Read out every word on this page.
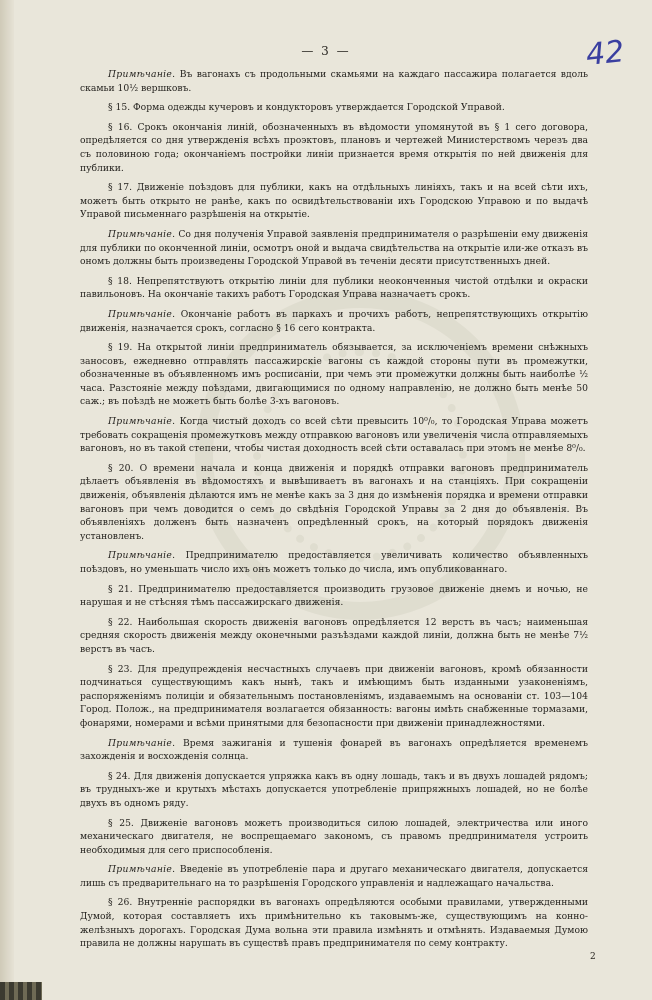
— 3 —	42
Примѣчаніе. Въ вагонахъ съ продольными скамьями на каждаго пассажира полагается вдоль скамьи 10½ вершковъ.
§ 15. Форма одежды кучеровъ и кондукторовъ утверждается Городской Управой.
§ 16. Срокъ окончанія линій, обозначенныхъ въ вѣдомости упомянутой въ § 1 сего договора, опредѣляется со дня утвержденія всѣхъ проэктовъ, плановъ и чертежей Министерствомъ черезъ два съ половиною года; окончаніемъ постройки линіи признается время открытія по ней движенія для публики.
§ 17. Движеніе поѣздовъ для публики, какъ на отдѣльныхъ линіяхъ, такъ и на всей сѣти ихъ, можетъ быть открыто не ранѣе, какъ по освидѣтельствованіи ихъ Городскою Управою и по выдачѣ Управой письменнаго разрѣшенія на открытіе.
Примѣчаніе. Со дня полученія Управой заявленія предпринимателя о разрѣшеніи ему движенія для публики по оконченной линіи, осмотръ оной и выдача свидѣтельства на открытіе или-же отказъ въ ономъ должны быть произведены Городской Управой въ теченіи десяти присутственныхъ дней.
§ 18. Непрепятствуютъ открытію линіи для публики неоконченныя чистой отдѣлки и окраски павильоновъ. На окончаніе такихъ работъ Городская Управа назначаетъ срокъ.
Примѣчаніе. Окончаніе работъ въ паркахъ и прочихъ работъ, непрепятствующихъ открытію движенія, назначается срокъ, согласно § 16 сего контракта.
§ 19. На открытой линіи предприниматель обязывается, за исключеніемъ времени снѣжныхъ заносовъ, ежедневно отправлять пассажирскіе вагоны съ каждой стороны пути въ промежутки, обозначенные въ объявленномъ имъ росписаніи, при чемъ эти промежутки должны быть наиболѣе ½ часа. Разстояніе между поѣздами, двигающимися по одному направленію, не должно быть менѣе 50 саж.; въ поѣздѣ не можетъ быть болѣе 3-хъ вагоновъ.
Примѣчаніе. Когда чистый доходъ со всей сѣти превысить 10⁰/₀, то Городская Управа можетъ требовать сокращенія промежутковъ между отправкою вагоновъ или увеличенія числа отправляемыхъ вагоновъ, но въ такой степени, чтобы чистая доходность всей сѣти оставалась при этомъ не менѣе 8⁰/₀.
§ 20. О времени начала и конца движенія и порядкѣ отправки вагоновъ предприниматель дѣлаетъ объявленія въ вѣдомостяхъ и вывѣшиваетъ въ вагонахъ и на станціяхъ. При сокращеніи движенія, объявленія дѣлаются имъ не менѣе какъ за 3 дня до измѣненія порядка и времени отправки вагоновъ при чемъ доводится о семъ до свѣдѣнія Городской Управы за 2 дня до объявленія. Въ объявленіяхъ долженъ быть назначенъ опредѣленный срокъ, на который порядокъ движенія установленъ.
Примѣчаніе. Предпринимателю предоставляется увеличивать количество объявленныхъ поѣздовъ, но уменьшать число ихъ онъ можетъ только до числа, имъ опубликованнаго.
§ 21. Предпринимателю предоставляется производить грузовое движеніе днемъ и ночью, не нарушая и не стѣсняя тѣмъ пассажирскаго движенія.
§ 22. Наибольшая скорость движенія вагоновъ опредѣляется 12 верстъ въ часъ; наименьшая средняя скорость движенія между оконечными разъѣздами каждой линіи, должна быть не менѣе 7½ верстъ въ часъ.
§ 23. Для предупрежденія несчастныхъ случаевъ при движеніи вагоновъ, кромѣ обязанности подчинаться существующимъ какъ нынѣ, такъ и имѣющимъ быть изданными узаконеніямъ, распоряженіямъ полиціи и обязательнымъ постановленіямъ, издаваемымъ на основаніи ст. 103—104 Город. Полож., на предпринимателя возлагается обязанность: вагоны имѣть снабженные тормазами, фонарями, номерами и всѣми принятыми для безопасности при движеніи принадлежностями.
Примѣчаніе. Время зажиганія и тушенія фонарей въ вагонахъ опредѣляется временемъ захожденія и восхожденія солнца.
§ 24. Для движенія допускается упряжка какъ въ одну лошадь, такъ и въ двухъ лошадей рядомъ; въ трудныхъ-же и крутыхъ мѣстахъ допускается употребленіе припряжныхъ лошадей, но не болѣе двухъ въ одномъ ряду.
§ 25. Движеніе вагоновъ можетъ производиться силою лошадей, электричества или иного механическаго двигателя, не воспрещаемаго закономъ, съ правомъ предпринимателя устроить необходимыя для сего приспособленія.
Примѣчаніе. Введеніе въ употребленіе пара и другаго механическаго двигателя, допускается лишь съ предварительнаго на то разрѣшенія Городского управленія и надлежащаго начальства.
§ 26. Внутренніе распорядки въ вагонахъ опредѣляются особыми правилами, утвержденными Думой, которая составляетъ ихъ примѣнительно къ таковымъ-же, существующимъ на конно-желѣзныхъ дорогахъ. Городская Дума вольна эти правила измѣнять и отмѣнять. Издаваемыя Думою правила не должны нарушать въ существѣ правъ предпринимателя по сему контракту.
2
